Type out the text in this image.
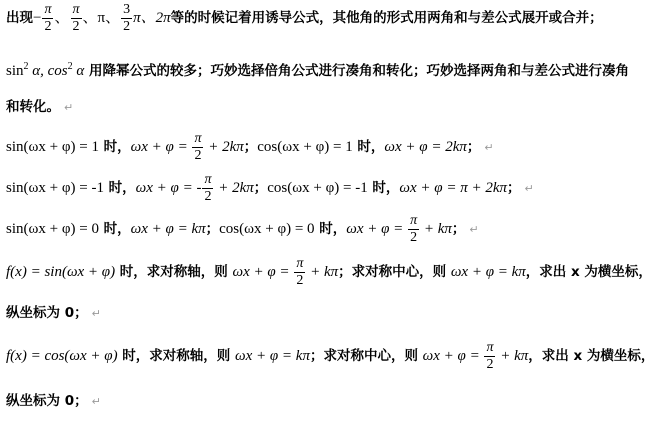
出现− $\frac{\pi}{2}$ 、 $\frac{\pi}{2}$ 、π、 $\frac{3}{2}$ π、2π等的时候记着用诱导公式，其他角的形式用两角和与差公式展开或合并；
$\sin^2 \alpha$, $\cos^2 \alpha$ 用降幂公式的较多；巧妙选择倍角公式进行凑角和转化；巧妙选择两角和与差公式进行凑角
和转化。 ↵
sin(ωx + φ) = 1 时，$\omega x + \varphi = \frac{\pi}{2} + 2k\pi$；cos(ωx + φ) = 1 时，ωx + φ = 2kπ； ↵
sin(ωx + φ) = -1 时，ωx + φ = - $\frac{\pi}{2} + 2k\pi$；cos(ωx + φ) = -1 时，ωx + φ = π + 2kπ； ↵
sin(ωx + φ) = 0 时，ωx + φ = kπ；cos(ωx + φ) = 0 时，$\omega x + \varphi = \frac{\pi}{2} + k\pi$； ↵
f(x) = sin(ωx + φ) 时，求对称轴，则 $\omega x + \varphi = \frac{\pi}{2} + k\pi$；求对称中心，则 ωx + φ = kπ，求出 x 为横坐标，
纵坐标为 0； ↵
f(x) = cos(ωx + φ) 时，求对称轴，则 ωx + φ = kπ；求对称中心，则 $\omega x + \varphi = \frac{\pi}{2} + k\pi$，求出 x 为横坐标，
纵坐标为 0； ↵
